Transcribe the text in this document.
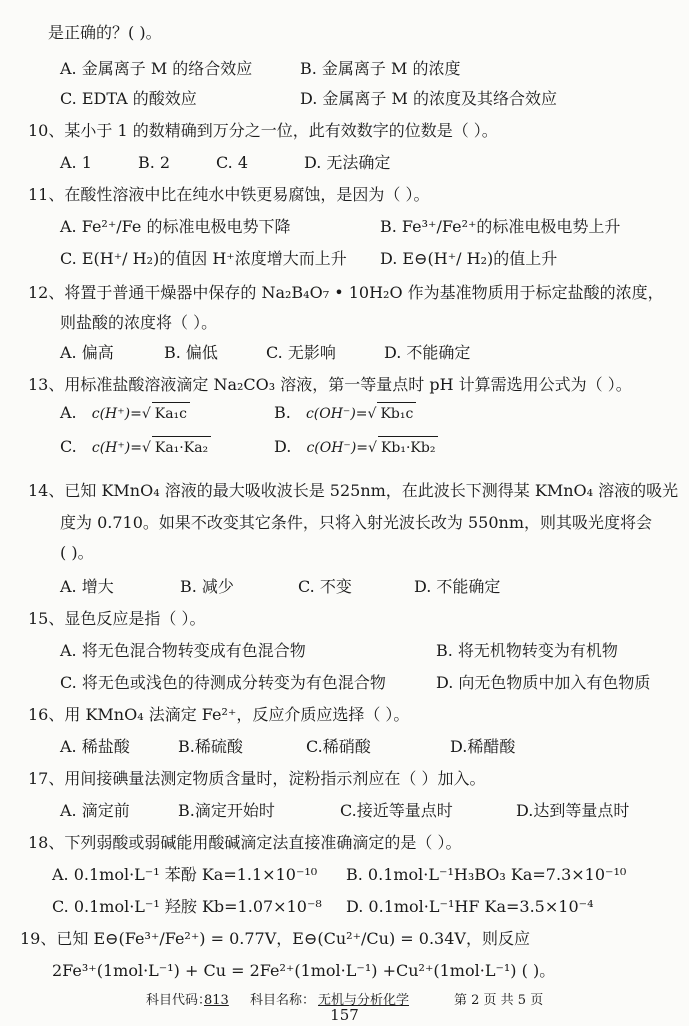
是正确的？( )。
A. 金属离子 M 的络合效应	B. 金属离子 M 的浓度
C. EDTA 的酸效应	D. 金属离子 M 的浓度及其络合效应
10、某小于 1 的数精确到万分之一位，此有效数字的位数是（ ）。
A. 1	B. 2	C. 4	D. 无法确定
11、在酸性溶液中比在纯水中铁更易腐蚀，是因为（ ）。
A. Fe²⁺/Fe 的标准电极电势下降	B. Fe³⁺/Fe²⁺的标准电极电势上升
C. E(H⁺/ H₂)的值因 H⁺浓度增大而上升 D. E⊖(H⁺/ H₂)的值上升
12、将置于普通干燥器中保存的 Na₂B₄O₇ • 10H₂O 作为基准物质用于标定盐酸的浓度，
则盐酸的浓度将（ ）。
A. 偏高	B. 偏低	C. 无影响	D. 不能确定
13、用标准盐酸溶液滴定 Na₂CO₃ 溶液，第一等量点时 pH 计算需选用公式为（ ）。
A. c(H⁺)=√ Ka₁c	B. c(OH⁻)=√ Kb₁c
C. c(H⁺)=√ Ka₁·Ka₂	D. c(OH⁻)=√ Kb₁·Kb₂
14、已知 KMnO₄ 溶液的最大吸收波长是 525nm，在此波长下测得某 KMnO₄ 溶液的吸光
度为 0.710。如果不改变其它条件，只将入射光波长改为 550nm，则其吸光度将会
( )。
A. 增大	B. 减少	C. 不变	D. 不能确定
15、显色反应是指（ ）。
A. 将无色混合物转变成有色混合物	B. 将无机物转变为有机物
C. 将无色或浅色的待测成分转变为有色混合物	D. 向无色物质中加入有色物质
16、用 KMnO₄ 法滴定 Fe²⁺，反应介质应选择（ ）。
A. 稀盐酸	B.稀硫酸	C.稀硝酸	D.稀醋酸
17、用间接碘量法测定物质含量时，淀粉指示剂应在（ ）加入。
A. 滴定前	B.滴定开始时	C.接近等量点时	D.达到等量点时
18、下列弱酸或弱碱能用酸碱滴定法直接准确滴定的是（ ）。
A. 0.1mol·L⁻¹ 苯酚 Ka=1.1×10⁻¹⁰ B. 0.1mol·L⁻¹H₃BO₃ Ka=7.3×10⁻¹⁰
C. 0.1mol·L⁻¹ 羟胺 Kb=1.07×10⁻⁸ D. 0.1mol·L⁻¹HF Ka=3.5×10⁻⁴
19、已知 E⊖(Fe³⁺/Fe²⁺) = 0.77V，E⊖(Cu²⁺/Cu) = 0.34V，则反应
2Fe³⁺(1mol·L⁻¹) + Cu = 2Fe²⁺(1mol·L⁻¹) +Cu²⁺(1mol·L⁻¹) ( )。
科目代码：
813 科目名称： 无机与分析化学	第 2 页 共 5 页
157
